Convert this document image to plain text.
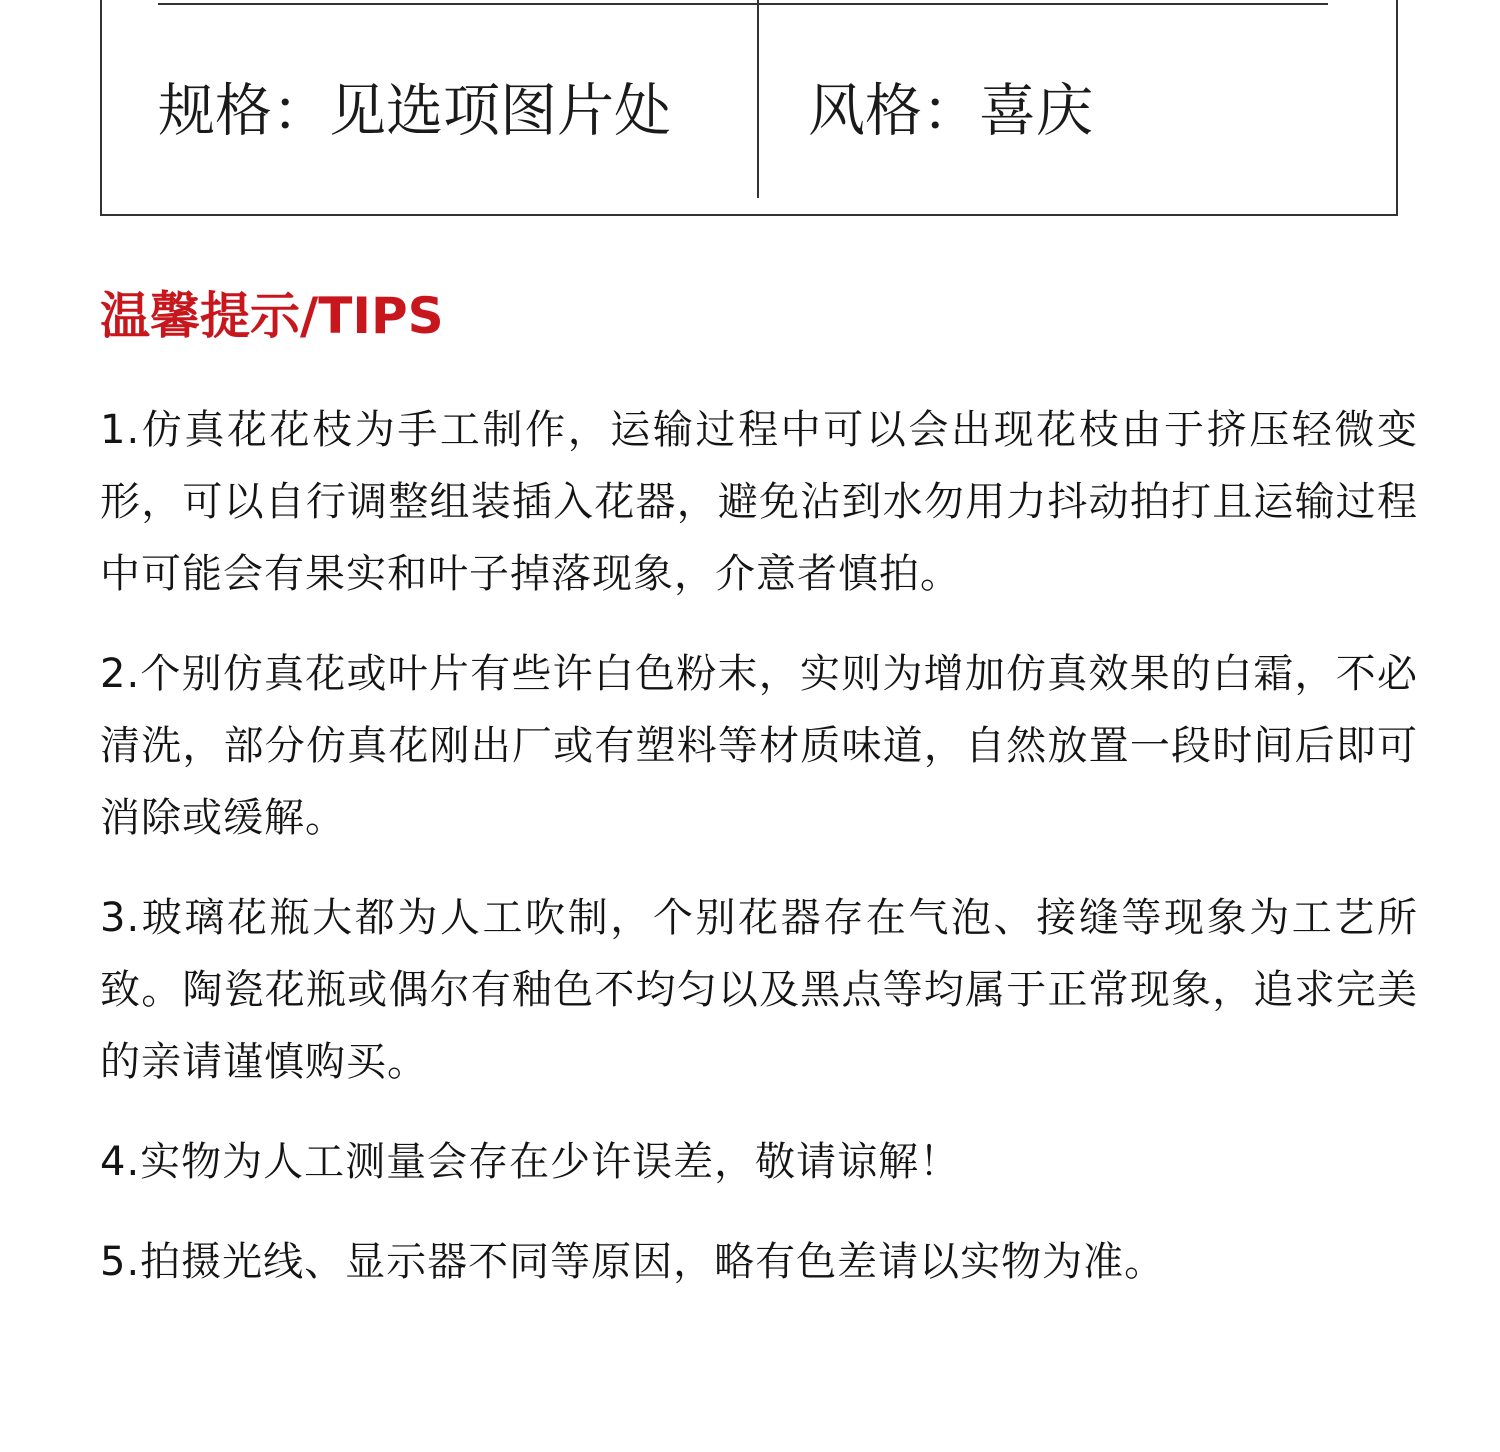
规格：见选项图片处 风格：喜庆
温馨提示/TIPS
1.仿真花花枝为手工制作，运输过程中可以会出现花枝由于挤压轻微变形，可以自行调整组装插入花器，避免沾到水勿用力抖动拍打且运输过程中可能会有果实和叶子掉落现象，介意者慎拍。
2.个别仿真花或叶片有些许白色粉末，实则为增加仿真效果的白霜，不必清洗，部分仿真花刚出厂或有塑料等材质味道，自然放置一段时间后即可消除或缓解。
3.玻璃花瓶大都为人工吹制，个别花器存在气泡、接缝等现象为工艺所致。陶瓷花瓶或偶尔有釉色不均匀以及黑点等均属于正常现象，追求完美的亲请谨慎购买。
4.实物为人工测量会存在少许误差，敬请谅解！
5.拍摄光线、显示器不同等原因，略有色差请以实物为准。
